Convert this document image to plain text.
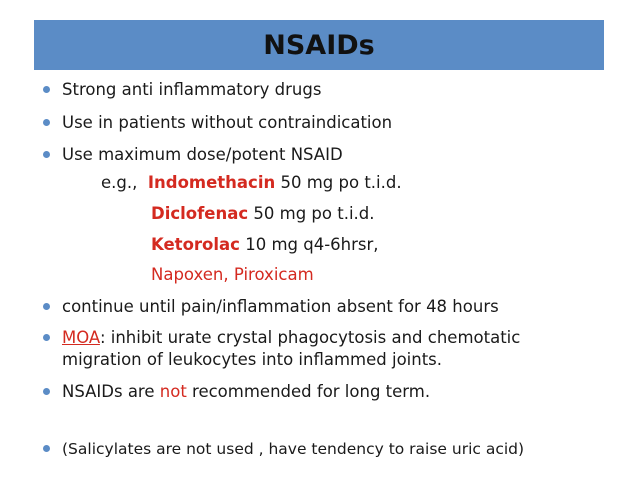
NSAIDs
Strong anti inflammatory drugs
Use in patients without contraindication
Use maximum dose/potent NSAID
e.g., Indomethacin 50 mg po t.i.d.
Diclofenac 50 mg po t.i.d.
Ketorolac 10 mg q4-6hrsr,
Napoxen, Piroxicam
continue until pain/inflammation absent for 48 hours
MOA: inhibit urate crystal phagocytosis and chemotatic
migration of leukocytes into inflammed joints.
NSAIDs are not recommended for long term.
(Salicylates are not used , have tendency to raise uric acid)
